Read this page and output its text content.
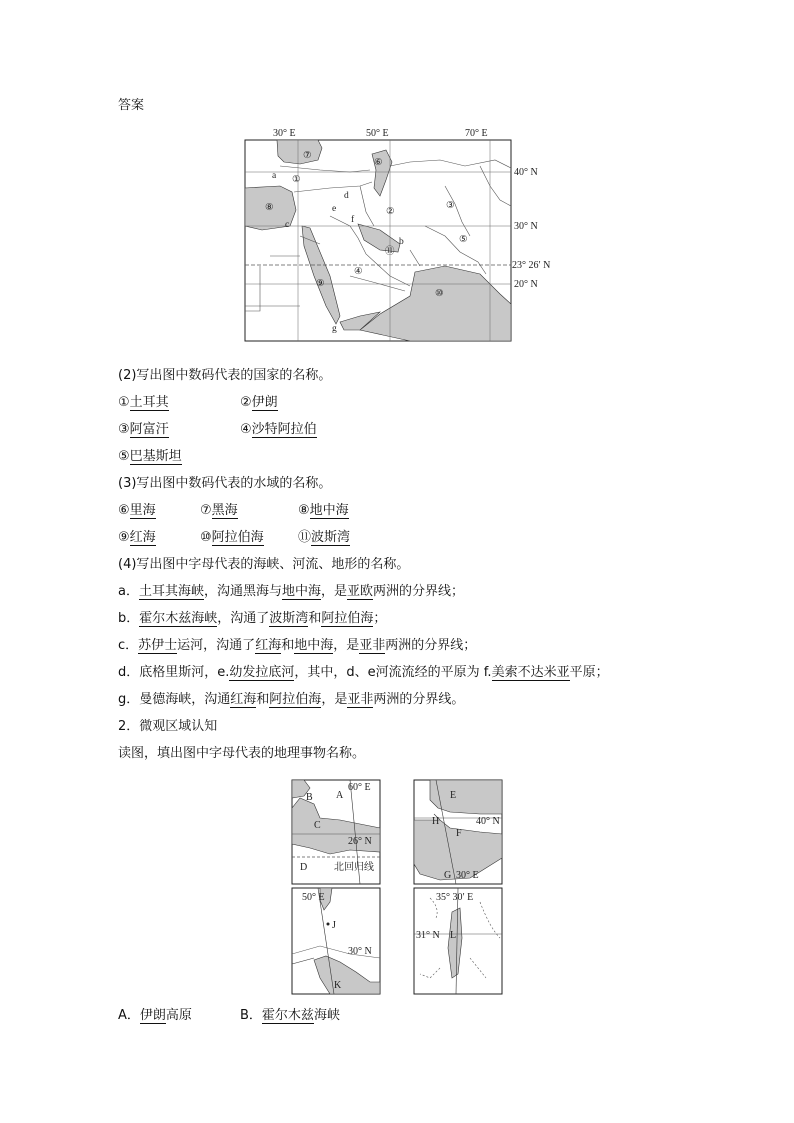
答案
30° E	50° E	70° E
40° N
30° N
23° 26′ N
20° N
⑦
⑥
①
③
②
⑧
⑤
⑪
④
⑨
⑩
a
b
c
d
e
f
g
(2)写出图中数码代表的国家的名称。
①土耳其	②伊朗
③阿富汗	④沙特阿拉伯
⑤巴基斯坦
(3)写出图中数码代表的水域的名称。
⑥里海	⑦黑海	⑧地中海
⑨红海	⑩阿拉伯海	⑪波斯湾
(4)写出图中字母代表的海峡、河流、地形的名称。
a．土耳其海峡，沟通黑海与地中海，是亚欧两洲的分界线；
b．霍尔木兹海峡，沟通了波斯湾和阿拉伯海；
c．苏伊士运河，沟通了红海和地中海，是亚非两洲的分界线；
d．底格里斯河，e.幼发拉底河，其中，d、e河流流经的平原为 f.美索不达米亚平原；
g．曼德海峡，沟通红海和阿拉伯海，是亚非两洲的分界线。
2．微观区域认知
读图，填出图中字母代表的地理事物名称。
60° E
26° N
北回归线
A
B
C
D
40° N
30° E
E
F
H
G
50° E
30° N
J
K
35° 30′ E
31° N L
A．伊朗高原	B．霍尔木兹海峡
